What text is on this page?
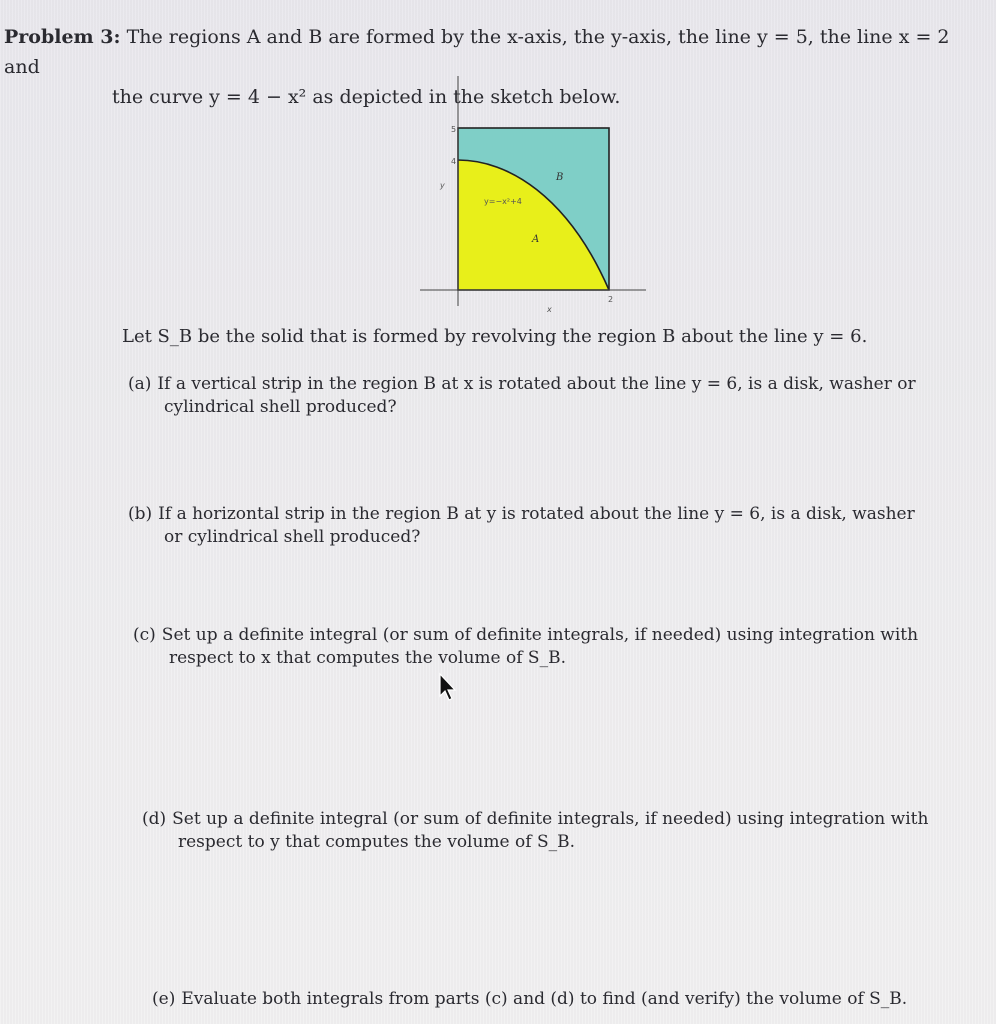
Problem 3: The regions A and B are formed by the x-axis, the y-axis, the line y = 5, the line x = 2 and
the curve y = 4 − x² as depicted in the sketch below.
5
4
y
x
2
y=−x²+4
A
B
Let S_B be the solid that is formed by revolving the region B about the line y = 6.
(a) If a vertical strip in the region B at x is rotated about the line y = 6, is a disk, washer or
cylindrical shell produced?
(b) If a horizontal strip in the region B at y is rotated about the line y = 6, is a disk, washer
or cylindrical shell produced?
(c) Set up a definite integral (or sum of definite integrals, if needed) using integration with
respect to x that computes the volume of S_B.
(d) Set up a definite integral (or sum of definite integrals, if needed) using integration with
respect to y that computes the volume of S_B.
(e) Evaluate both integrals from parts (c) and (d) to find (and verify) the volume of S_B.
